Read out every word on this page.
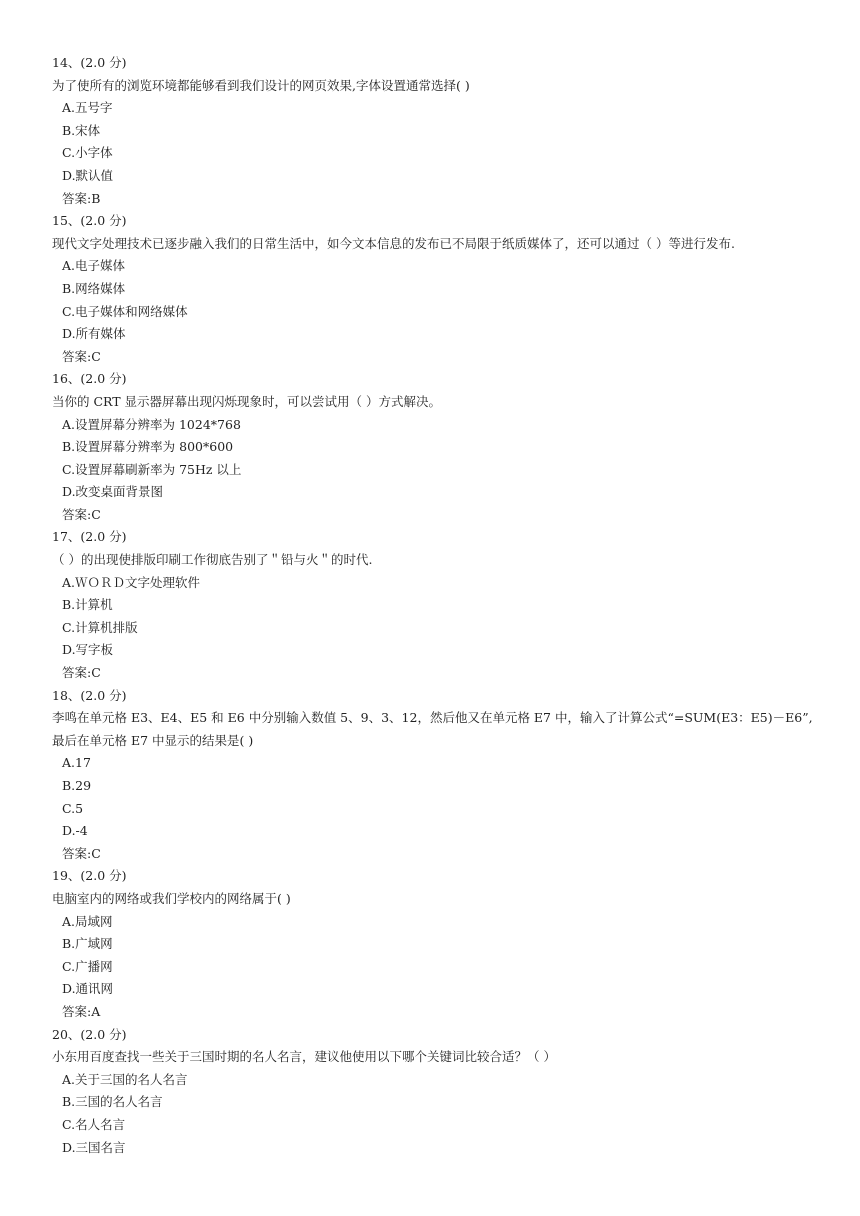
14、(2.0 分)
为了使所有的浏览环境都能够看到我们设计的网页效果,字体设置通常选择( )
A.五号字
B.宋体
C.小字体
D.默认值
答案:B
15、(2.0 分)
现代文字处理技术已逐步融入我们的日常生活中，如今文本信息的发布已不局限于纸质媒体了，还可以通过（ ）等进行发布.
A.电子媒体
B.网络媒体
C.电子媒体和网络媒体
D.所有媒体
答案:C
16、(2.0 分)
当你的 CRT 显示器屏幕出现闪烁现象时，可以尝试用（ ）方式解决。
A.设置屏幕分辨率为 1024*768
B.设置屏幕分辨率为 800*600
C.设置屏幕刷新率为 75Hz 以上
D.改变桌面背景图
答案:C
17、(2.0 分)
（ ）的出现使排版印刷工作彻底告别了＂铅与火＂的时代.
A.ＷＯＲＤ文字处理软件
B.计算机
C.计算机排版
D.写字板
答案:C
18、(2.0 分)
李鸣在单元格 E3、E4、E5 和 E6 中分别输入数值 5、9、3、12，然后他又在单元格 E7 中，输入了计算公式“=SUM(E3：E5)－E6”,
最后在单元格 E7 中显示的结果是( )
A.17
B.29
C.5
D.-4
答案:C
19、(2.0 分)
电脑室内的网络或我们学校内的网络属于( )
A.局域网
B.广域网
C.广播网
D.通讯网
答案:A
20、(2.0 分)
小东用百度查找一些关于三国时期的名人名言，建议他使用以下哪个关键词比较合适？（ ）
A.关于三国的名人名言
B.三国的名人名言
C.名人名言
D.三国名言
